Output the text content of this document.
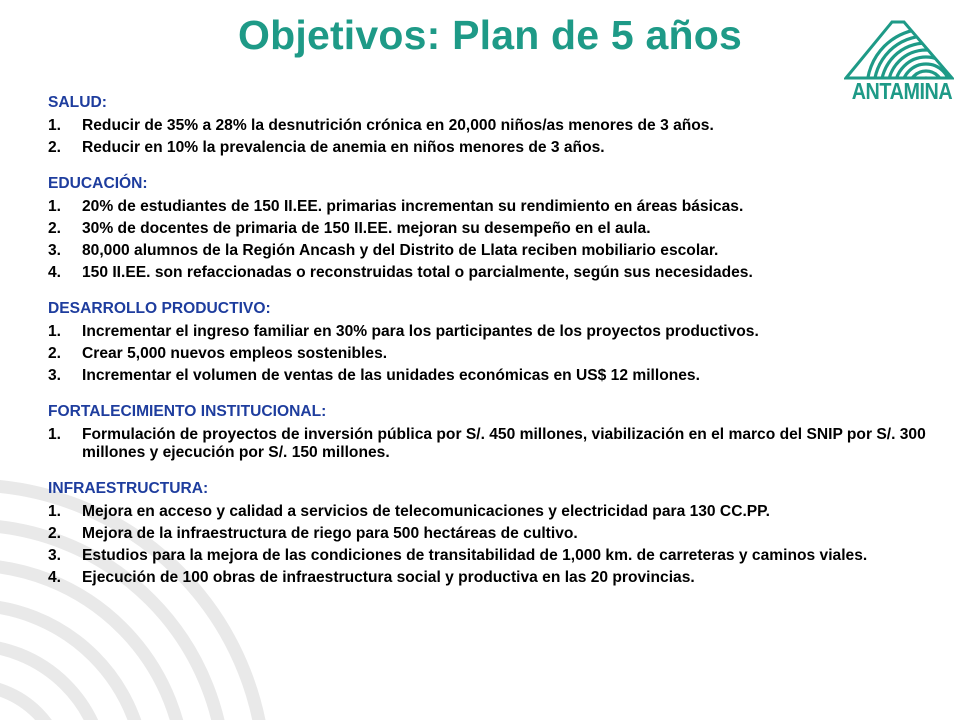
Objetivos: Plan de 5 años
ANTAMINA
SALUD:
1.	Reducir de 35% a 28% la desnutrición crónica en 20,000 niños/as menores de 3 años.
2.	Reducir en 10% la prevalencia de anemia en niños menores de 3 años.
EDUCACIÓN:
1.	20% de estudiantes de 150 II.EE. primarias incrementan su rendimiento en áreas básicas.
2.	30% de docentes de primaria de 150 II.EE. mejoran su desempeño en el aula.
3.	80,000 alumnos de la Región Ancash y del Distrito de Llata reciben mobiliario escolar.
4.	150 II.EE. son refaccionadas o reconstruidas total o parcialmente, según sus necesidades.
DESARROLLO PRODUCTIVO:
1.	Incrementar el ingreso familiar en 30% para los participantes de los proyectos productivos.
2.	Crear 5,000 nuevos empleos sostenibles.
3.	Incrementar el volumen de ventas de las unidades económicas en US$ 12 millones.
FORTALECIMIENTO INSTITUCIONAL:
1.	Formulación de proyectos de inversión pública por S/. 450 millones, viabilización en el marco del SNIP por S/. 300 millones y ejecución por S/. 150 millones.
INFRAESTRUCTURA:
1.	Mejora en acceso y calidad a servicios de telecomunicaciones y electricidad para 130 CC.PP.
2.	Mejora de la infraestructura de riego para 500 hectáreas de cultivo.
3.	Estudios para la mejora de las condiciones de transitabilidad de 1,000 km. de carreteras y caminos viales.
4.	Ejecución de 100 obras de infraestructura social y productiva en las 20 provincias.
